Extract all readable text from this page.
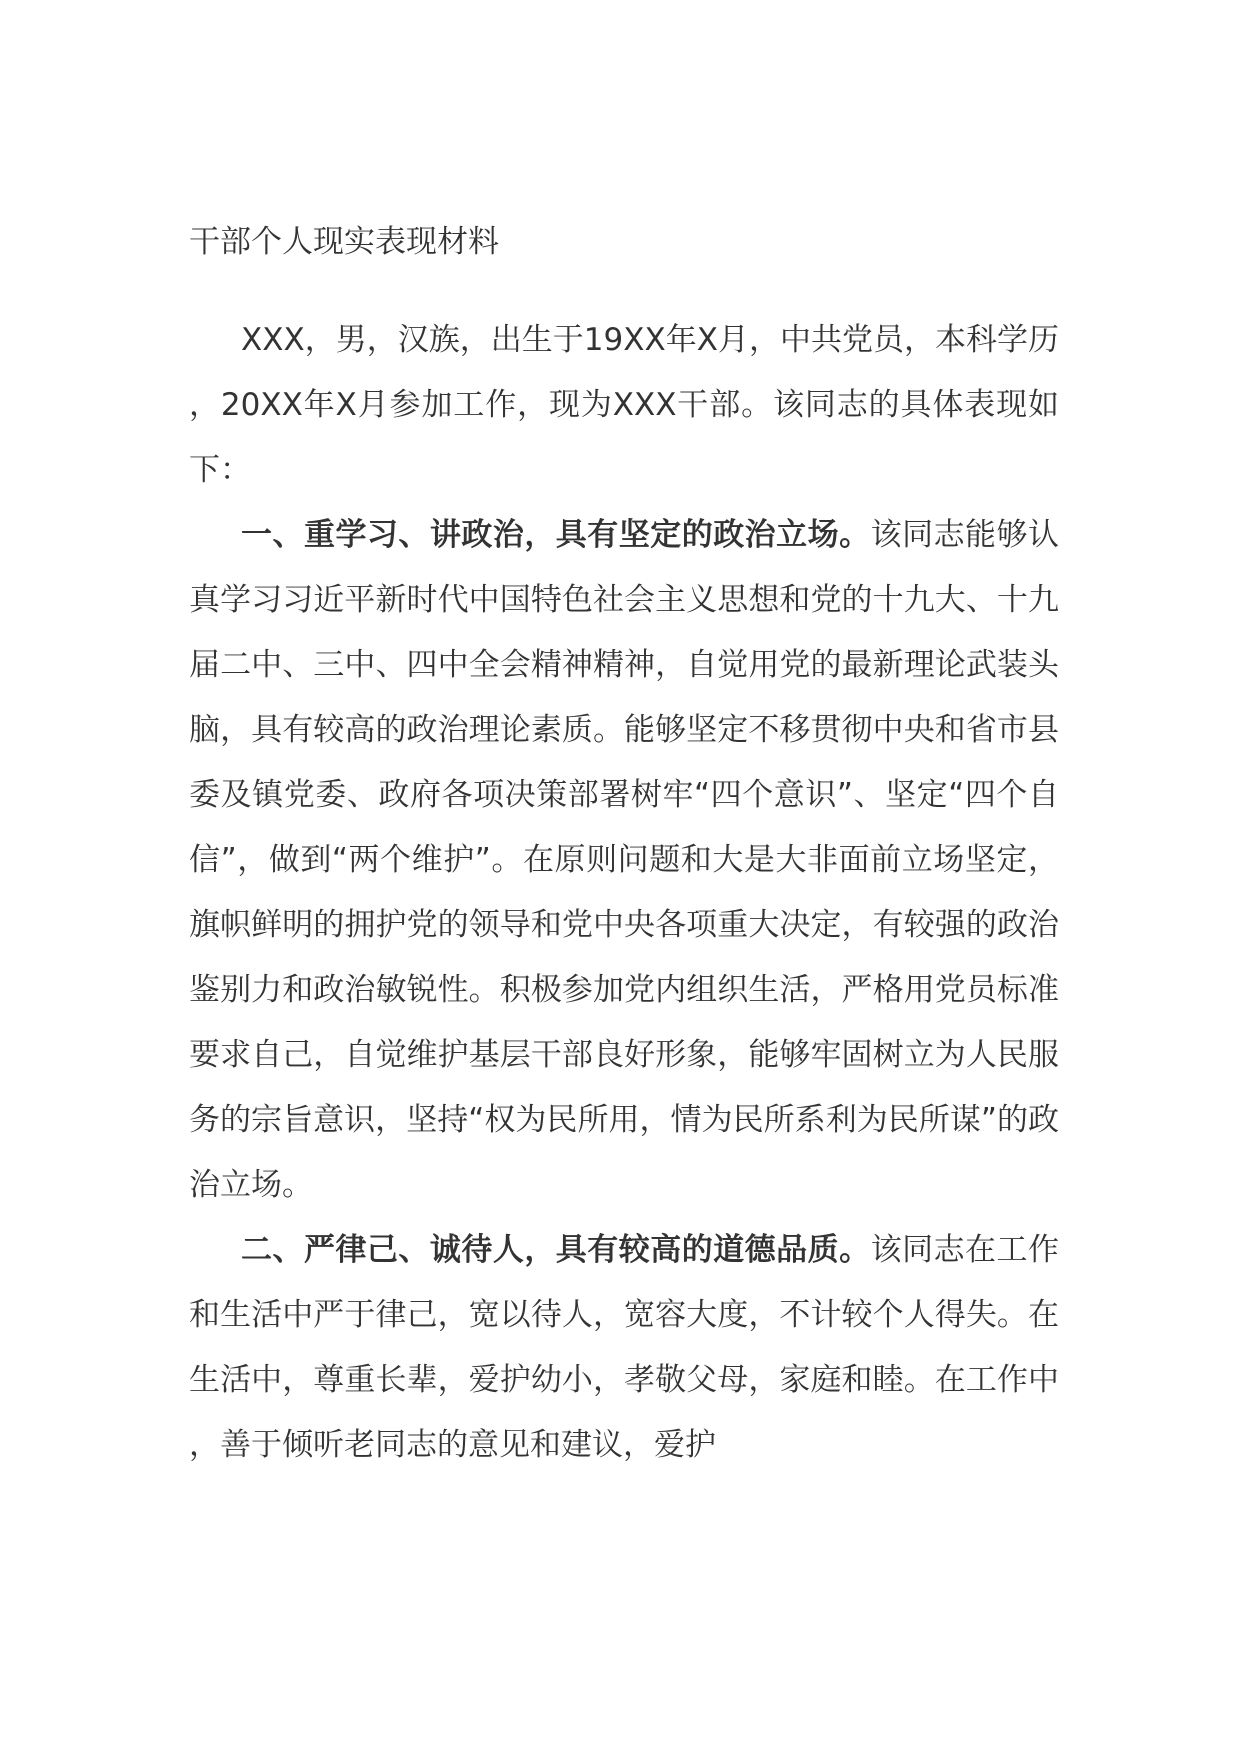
干部个人现实表现材料

XXX，男，汉族，出生于19XX年X月，中共党员，本科学历，20XX年X月参加工作，现为XXX干部。该同志的具体表现如下：

一、重学习、讲政治，具有坚定的政治立场。该同志能够认真学习习近平新时代中国特色社会主义思想和党的十九大、十九届二中、三中、四中全会精神精神，自觉用党的最新理论武装头脑，具有较高的政治理论素质。能够坚定不移贯彻中央和省市县委及镇党委、政府各项决策部署树牢“四个意识”、坚定“四个自信”，做到“两个维护”。在原则问题和大是大非面前立场坚定，旗帜鲜明的拥护党的领导和党中央各项重大决定，有较强的政治鉴别力和政治敏锐性。积极参加党内组织生活，严格用党员标准要求自己，自觉维护基层干部良好形象，能够牢固树立为人民服务的宗旨意识，坚持“权为民所用，情为民所系利为民所谋”的政治立场。

二、严律己、诚待人，具有较高的道德品质。该同志在工作和生活中严于律己，宽以待人，宽容大度，不计较个人得失。在生活中，尊重长辈，爱护幼小，孝敬父母，家庭和睦。在工作中，善于倾听老同志的意见和建议，爱护
